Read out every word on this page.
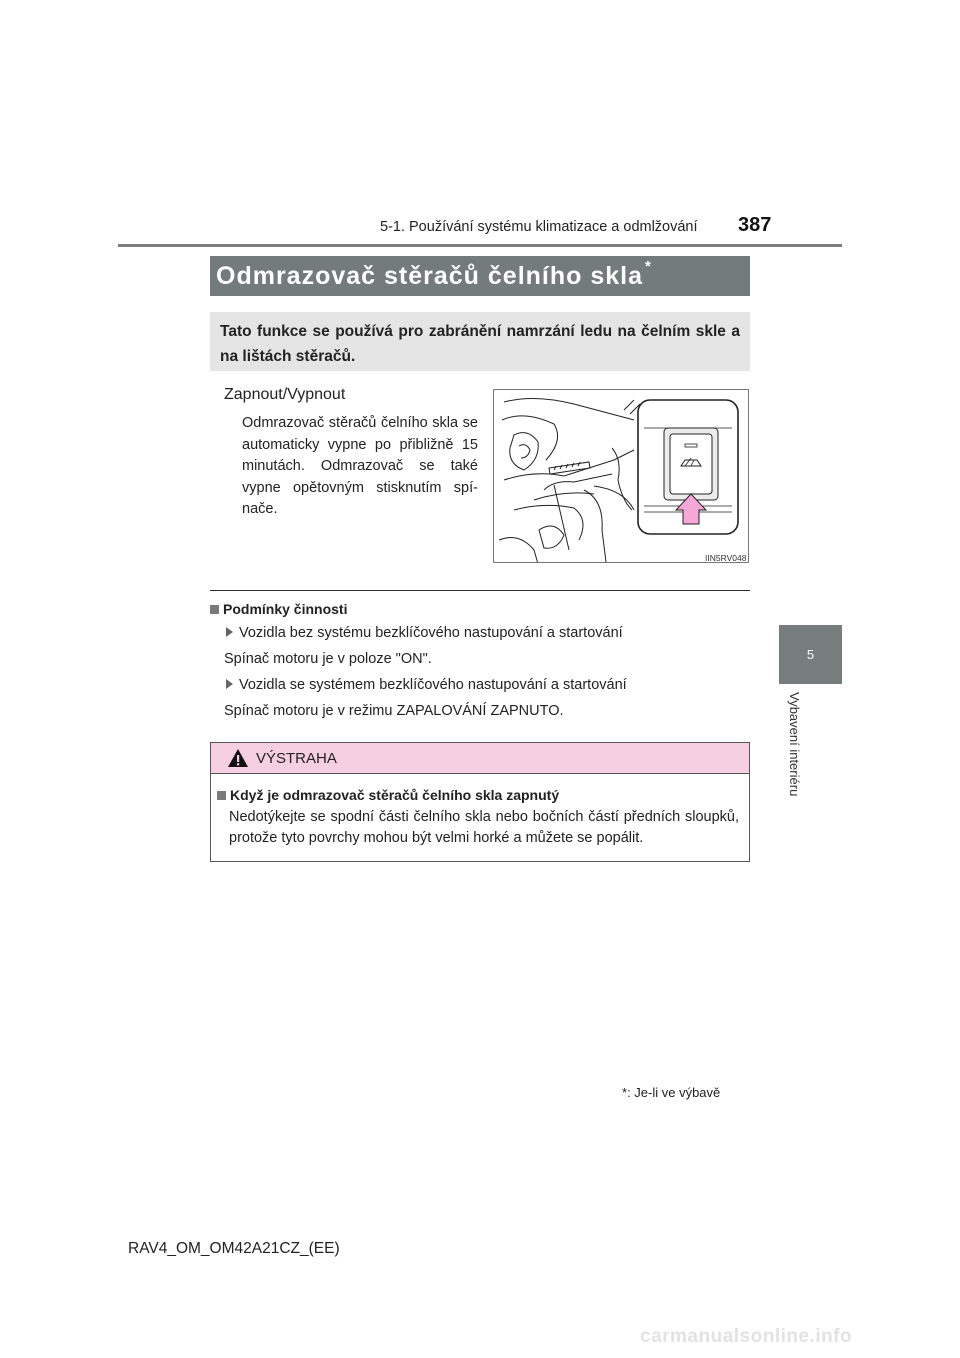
5-1. Používání systému klimatizace a odmlžování 387
5
Vybavení interiéru
Odmrazovač stěračů čelního skla *
Tato funkce se používá pro zabránění namrzání ledu na čelním skle a na lištách stěračů.
Zapnout/Vypnout
Odmrazovač stěračů čelního skla se automaticky vypne po přibližně 15 minutách. Odmrazovač se také vypne opětovným stisknutím spínače.
IIN5RV048
Podmínky činnosti
Vozidla bez systému bezklíčového nastupování a startování
Spínač motoru je v poloze "ON".
Vozidla se systémem bezklíčového nastupování a startování
Spínač motoru je v režimu ZAPALOVÁNÍ ZAPNUTO.
VÝSTRAHA
Když je odmrazovač stěračů čelního skla zapnutý
Nedotýkejte se spodní části čelního skla nebo bočních částí předních sloupků, protože tyto povrchy mohou být velmi horké a můžete se popálit.
*: Je-li ve výbavě
RAV4_OM_OM42A21CZ_(EE)
carmanualsonline.info
